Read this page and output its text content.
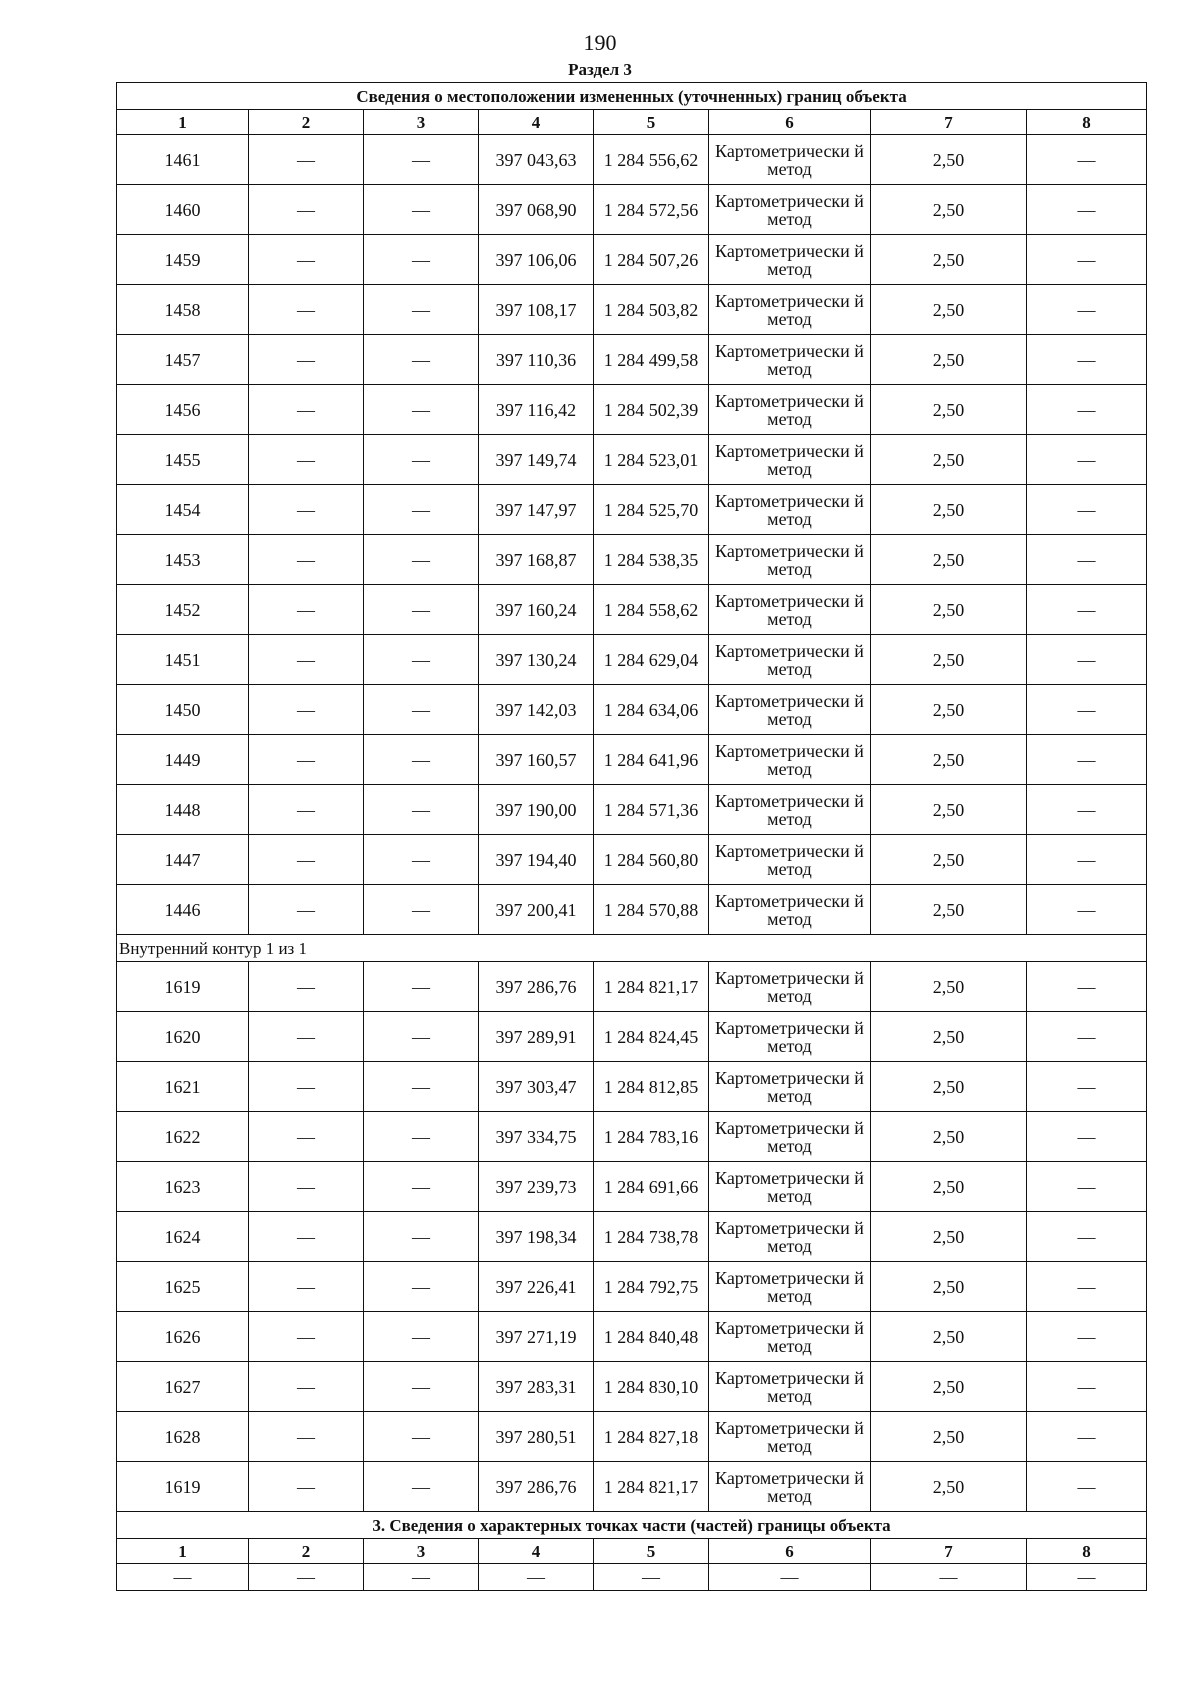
190
Раздел 3
Сведения о местоположении измененных (уточненных) границ объекта							
1	2	3	4	5	6	7	8
1461	—	—	397 043,63	1 284 556,62	Картометрически й метод	2,50	—
1460	—	—	397 068,90	1 284 572,56	Картометрически й метод	2,50	—
1459	—	—	397 106,06	1 284 507,26	Картометрически й метод	2,50	—
1458	—	—	397 108,17	1 284 503,82	Картометрически й метод	2,50	—
1457	—	—	397 110,36	1 284 499,58	Картометрически й метод	2,50	—
1456	—	—	397 116,42	1 284 502,39	Картометрически й метод	2,50	—
1455	—	—	397 149,74	1 284 523,01	Картометрически й метод	2,50	—
1454	—	—	397 147,97	1 284 525,70	Картометрически й метод	2,50	—
1453	—	—	397 168,87	1 284 538,35	Картометрически й метод	2,50	—
1452	—	—	397 160,24	1 284 558,62	Картометрически й метод	2,50	—
1451	—	—	397 130,24	1 284 629,04	Картометрически й метод	2,50	—
1450	—	—	397 142,03	1 284 634,06	Картометрически й метод	2,50	—
1449	—	—	397 160,57	1 284 641,96	Картометрически й метод	2,50	—
1448	—	—	397 190,00	1 284 571,36	Картометрически й метод	2,50	—
1447	—	—	397 194,40	1 284 560,80	Картометрически й метод	2,50	—
1446	—	—	397 200,41	1 284 570,88	Картометрически й метод	2,50	—
Внутренний контур 1 из 1							
1619	—	—	397 286,76	1 284 821,17	Картометрически й метод	2,50	—
1620	—	—	397 289,91	1 284 824,45	Картометрически й метод	2,50	—
1621	—	—	397 303,47	1 284 812,85	Картометрически й метод	2,50	—
1622	—	—	397 334,75	1 284 783,16	Картометрически й метод	2,50	—
1623	—	—	397 239,73	1 284 691,66	Картометрически й метод	2,50	—
1624	—	—	397 198,34	1 284 738,78	Картометрически й метод	2,50	—
1625	—	—	397 226,41	1 284 792,75	Картометрически й метод	2,50	—
1626	—	—	397 271,19	1 284 840,48	Картометрически й метод	2,50	—
1627	—	—	397 283,31	1 284 830,10	Картометрически й метод	2,50	—
1628	—	—	397 280,51	1 284 827,18	Картометрически й метод	2,50	—
1619	—	—	397 286,76	1 284 821,17	Картометрически й метод	2,50	—
3. Сведения о характерных точках части (частей) границы объекта							
1	2	3	4	5	6	7	8
—	—	—	—	—	—	—	—
